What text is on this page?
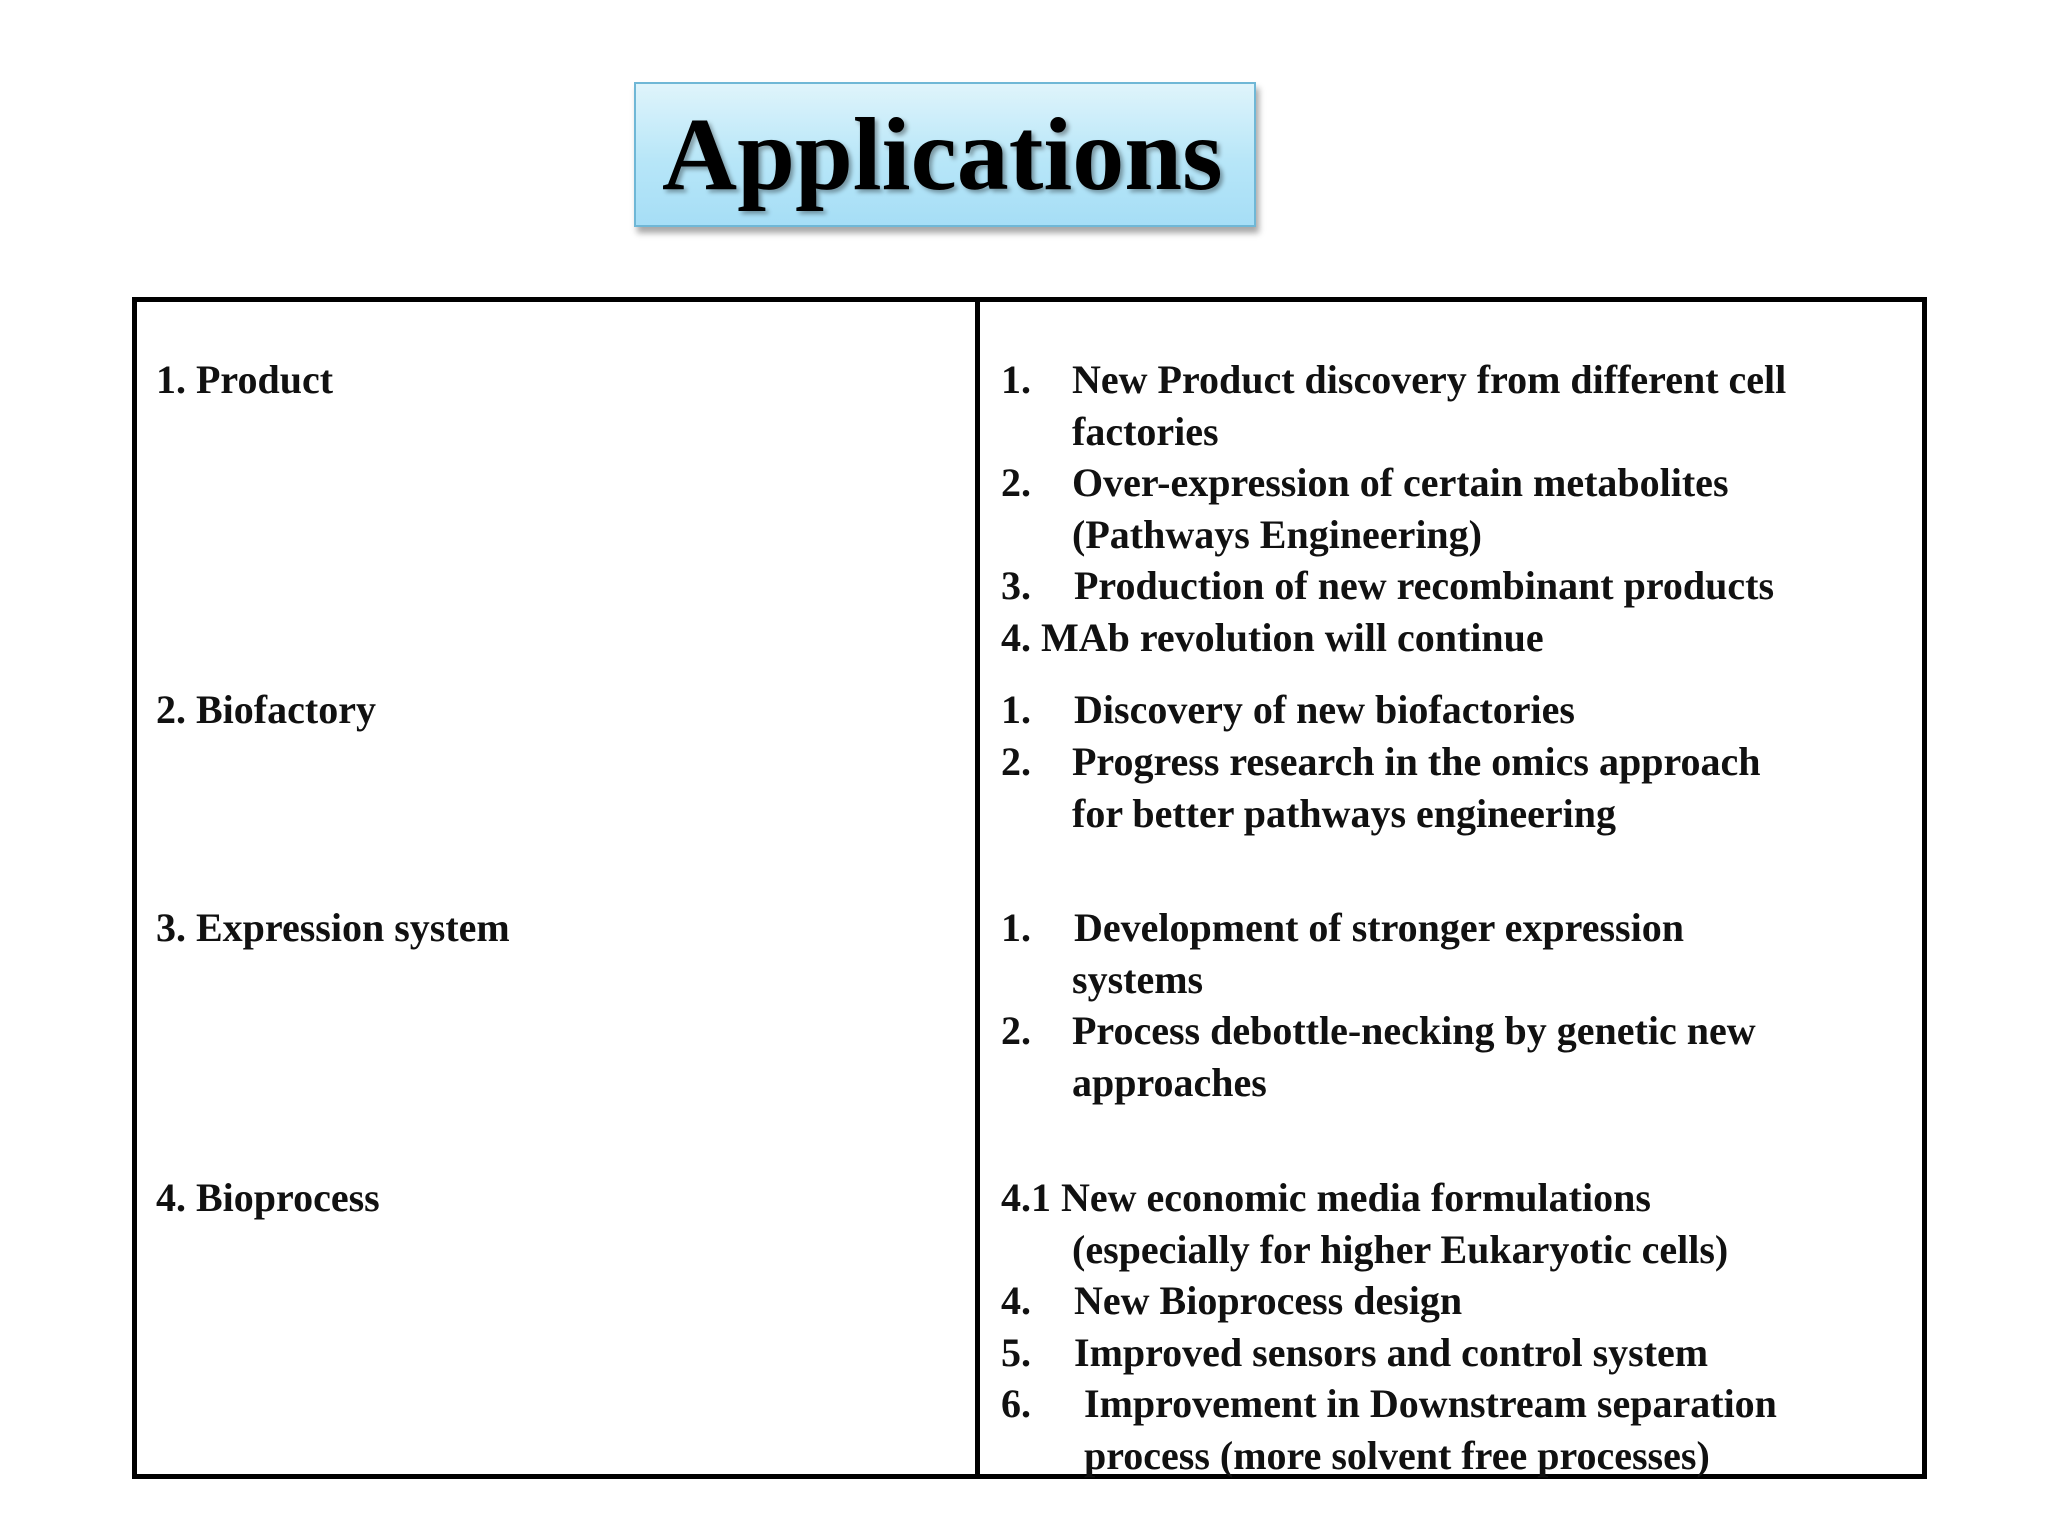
Applications
1. Product	1. New Product discovery from different cell
factories
2. Over-expression of certain metabolites
(Pathways Engineering)
3. Production of new recombinant products
4. MAb revolution will continue
2. Biofactory	1. Discovery of new biofactories
2. Progress research in the omics approach
for better pathways engineering
3. Expression system	1. Development of stronger expression
systems
2. Process debottle-necking by genetic new
approaches
4. Bioprocess	4.1 New economic media formulations
(especially for higher Eukaryotic cells)
4. New Bioprocess design
5. Improved sensors and control system
6. Improvement in Downstream separation
process (more solvent free processes)
